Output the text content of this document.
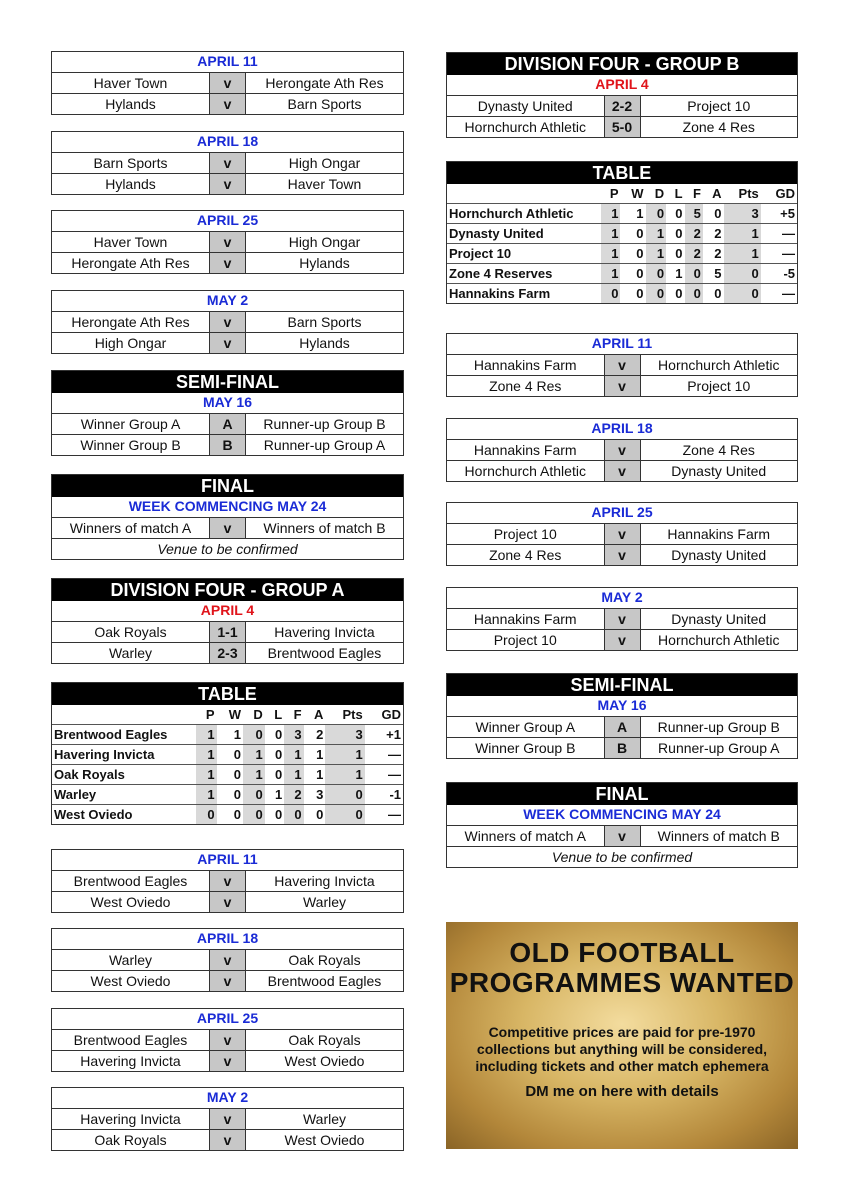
APRIL 11
Haver Town	v	Herongate Ath Res
Hylands	v	Barn Sports
APRIL 18
Barn Sports	v	High Ongar
Hylands	v	Haver Town
APRIL 25
Haver Town	v	High Ongar
Herongate Ath Res	v	Hylands
MAY 2
Herongate Ath Res	v	Barn Sports
High Ongar	v	Hylands
SEMI-FINAL
MAY 16
Winner Group A	A	Runner-up Group B
Winner Group B	B	Runner-up Group A
FINAL
WEEK COMMENCING MAY 24
Winners of match A	v	Winners of match B
Venue to be confirmed
DIVISION FOUR - GROUP A
APRIL 4
Oak Royals	1-1	Havering Invicta
Warley	2-3	Brentwood Eagles
TABLE
	P	W	D	L	F	A	Pts	GD
Brentwood Eagles	1	1	0	0	3	2	3	+1
Havering Invicta	1	0	1	0	1	1	1	—
Oak Royals	1	0	1	0	1	1	1	—
Warley	1	0	0	1	2	3	0	-1
West Oviedo	0	0	0	0	0	0	0	—
APRIL 11
Brentwood Eagles	v	Havering Invicta
West Oviedo	v	Warley
APRIL 18
Warley	v	Oak Royals
West Oviedo	v	Brentwood Eagles
APRIL 25
Brentwood Eagles	v	Oak Royals
Havering Invicta	v	West Oviedo
MAY 2
Havering Invicta	v	Warley
Oak Royals	v	West Oviedo
DIVISION FOUR - GROUP B
APRIL 4
Dynasty United	2-2	Project 10
Hornchurch Athletic	5-0	Zone 4 Res
TABLE
	P	W	D	L	F	A	Pts	GD
Hornchurch Athletic	1	1	0	0	5	0	3	+5
Dynasty United	1	0	1	0	2	2	1	—
Project 10	1	0	1	0	2	2	1	—
Zone 4 Reserves	1	0	0	1	0	5	0	-5
Hannakins Farm	0	0	0	0	0	0	0	—
APRIL 11
Hannakins Farm	v	Hornchurch Athletic
Zone 4 Res	v	Project 10
APRIL 18
Hannakins Farm	v	Zone 4 Res
Hornchurch Athletic	v	Dynasty United
APRIL 25
Project 10	v	Hannakins Farm
Zone 4 Res	v	Dynasty United
MAY 2
Hannakins Farm	v	Dynasty United
Project 10	v	Hornchurch Athletic
SEMI-FINAL
MAY 16
Winner Group A	A	Runner-up Group B
Winner Group B	B	Runner-up Group A
FINAL
WEEK COMMENCING MAY 24
Winners of match A	v	Winners of match B
Venue to be confirmed
OLD FOOTBALL PROGRAMMES WANTED

Competitive prices are paid for pre-1970 collections but anything will be considered, including tickets and other match ephemera

DM me on here with details
